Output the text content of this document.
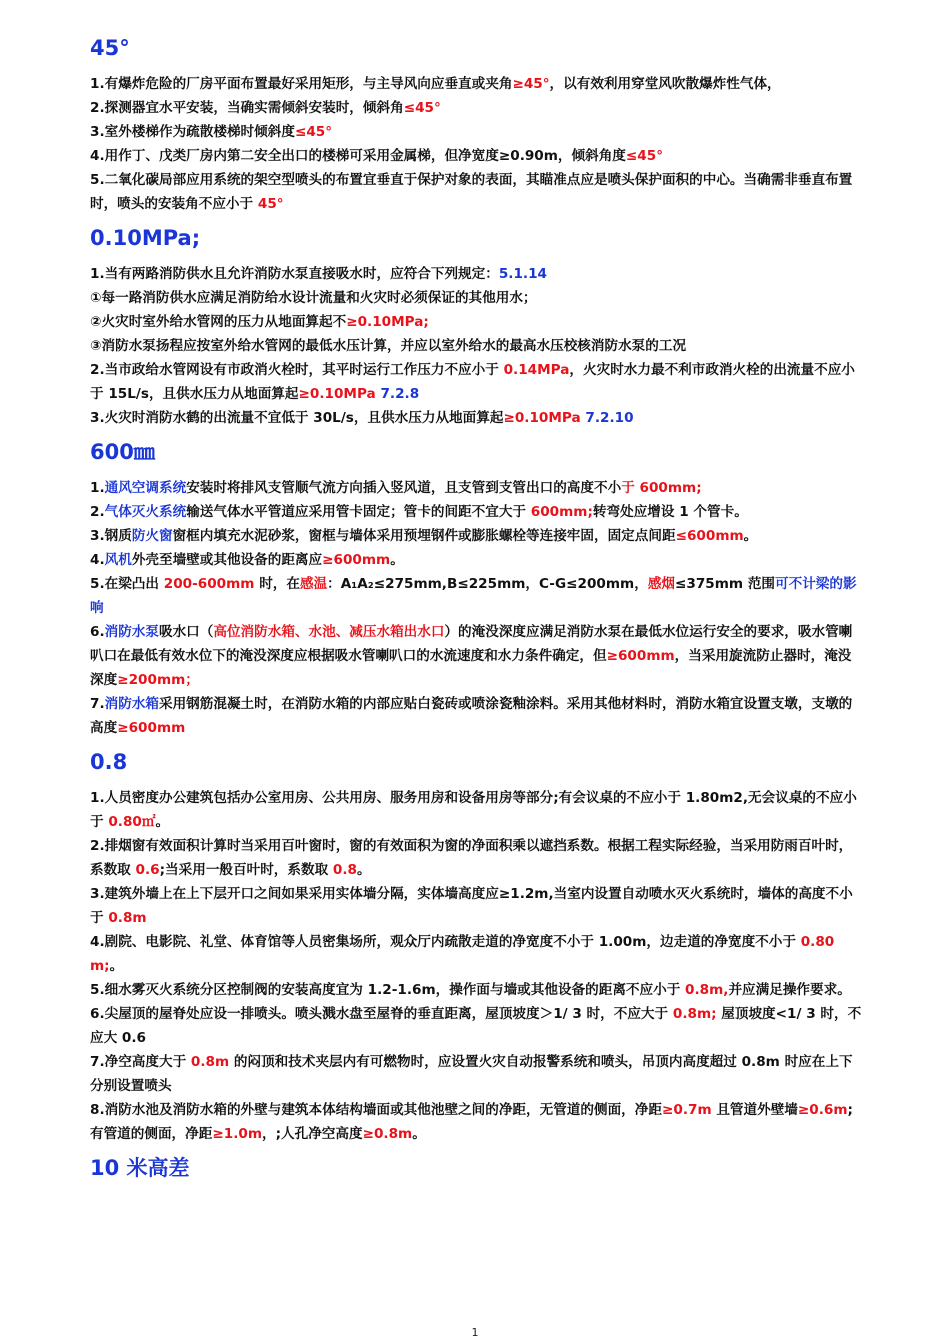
45°

1.有爆炸危险的厂房平面布置最好采用矩形，与主导风向应垂直或夹角≥45°，以有效利用穿堂风吹散爆炸性气体，

2.探测器宜水平安装，当确实需倾斜安装时，倾斜角≤45°

3.室外楼梯作为疏散楼梯时倾斜度≤45°

4.用作丁、戊类厂房内第二安全出口的楼梯可采用金属梯，但净宽度≥0.90m，倾斜角度≤45°

5.二氧化碳局部应用系统的架空型喷头的布置宜垂直于保护对象的表面，其瞄准点应是喷头保护面积的中心。当确需非垂直布置时，喷头的安装角不应小于 45°

0.10MPa;

1.当有两路消防供水且允许消防水泵直接吸水时，应符合下列规定：5.1.14

①每一路消防供水应满足消防给水设计流量和火灾时必须保证的其他用水；

②火灾时室外给水管网的压力从地面算起不≥0.10MPa;

③消防水泵扬程应按室外给水管网的最低水压计算，并应以室外给水的最高水压校核消防水泵的工况

2.当市政给水管网设有市政消火栓时，其平时运行工作压力不应小于 0.14MPa，火灾时水力最不利市政消火栓的出流量不应小于 15L/s，且供水压力从地面算起≥0.10MPa 7.2.8

3.火灾时消防水鹤的出流量不宜低于 30L/s，且供水压力从地面算起≥0.10MPa 7.2.10

600㎜

1.通风空调系统安装时将排风支管顺气流方向插入竖风道，且支管到支管出口的高度不小于 600mm;

2.气体灭火系统输送气体水平管道应采用管卡固定；管卡的间距不宜大于 600mm;转弯处应增设 1 个管卡。

3.钢质防火窗窗框内填充水泥砂浆，窗框与墙体采用预埋钢件或膨胀螺栓等连接牢固，固定点间距≤600mm。

4.风机外壳至墙壁或其他设备的距离应≥600mm。

5.在梁凸出 200-600mm 时，在感温：A₁A₂≤275mm,B≤225mm，C-G≤200mm，感烟≤375mm 范围可不计梁的影响

6.消防水泵吸水口（高位消防水箱、水池、减压水箱出水口）的淹没深度应满足消防水泵在最低水位运行安全的要求，吸水管喇叭口在最低有效水位下的淹没深度应根据吸水管喇叭口的水流速度和水力条件确定，但≥600mm，当采用旋流防止器时，淹没深度≥200mm；

7.消防水箱采用钢筋混凝土时，在消防水箱的内部应贴白瓷砖或喷涂瓷釉涂料。采用其他材料时，消防水箱宜设置支墩，支墩的高度≥600mm

0.8

1.人员密度办公建筑包括办公室用房、公共用房、服务用房和设备用房等部分;有会议桌的不应小于 1.80m2,无会议桌的不应小于 0.80㎡。

2.排烟窗有效面积计算时当采用百叶窗时，窗的有效面积为窗的净面积乘以遮挡系数。根据工程实际经验，当采用防雨百叶时，系数取 0.6;当采用一般百叶时，系数取 0.8。

3.建筑外墙上在上下层开口之间如果采用实体墙分隔，实体墙高度应≥1.2m,当室内设置自动喷水灭火系统时，墙体的高度不小于 0.8m

4.剧院、电影院、礼堂、体育馆等人员密集场所，观众厅内疏散走道的净宽度不小于 1.00m，边走道的净宽度不小于 0.80m;。

5.细水雾灭火系统分区控制阀的安装高度宜为 1.2-1.6m，操作面与墙或其他设备的距离不应小于 0.8m,并应满足操作要求。

6.尖屋顶的屋脊处应设一排喷头。喷头溅水盘至屋脊的垂直距离，屋顶坡度＞1/ 3 时，不应大于 0.8m; 屋顶坡度<1/ 3 时，不应大 0.6

7.净空高度大于 0.8m 的闷顶和技术夹层内有可燃物时，应设置火灾自动报警系统和喷头，吊顶内高度超过 0.8m 时应在上下分别设置喷头

8.消防水池及消防水箱的外壁与建筑本体结构墙面或其他池壁之间的净距，无管道的侧面，净距≥0.7m 且管道外壁墙≥0.6m;有管道的侧面，净距≥1.0m，;人孔净空高度≥0.8m。

10 米高差
1
